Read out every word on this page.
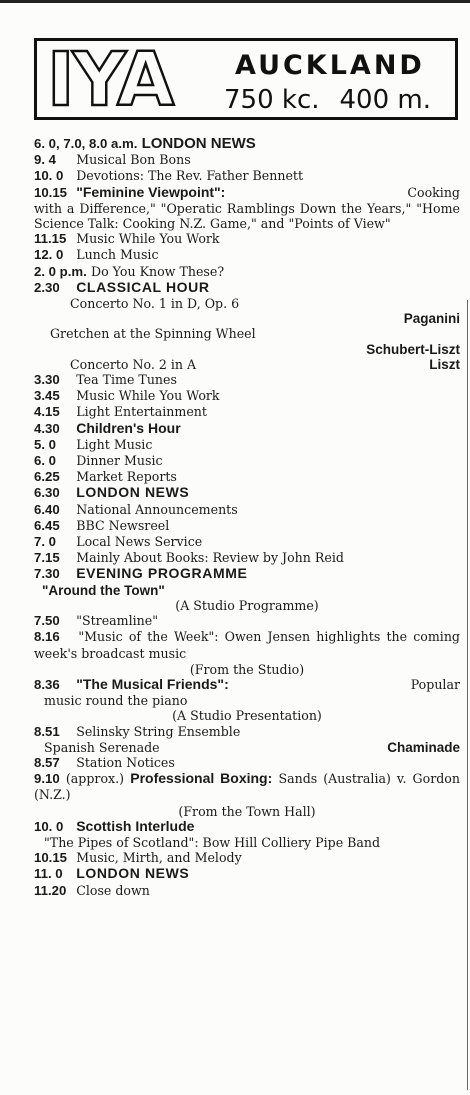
IYA AUCKLAND
750 kc. 400 m.
6. 0, 7.0, 8.0 a.m. LONDON NEWS
9. 4 Musical Bon Bons
10. 0 Devotions: The Rev. Father Bennett
10.15 "Feminine Viewpoint":	Cooking
with a Difference," "Operatic Ramblings Down the Years," "Home Science Talk: Cooking N.Z. Game," and "Points of View"
11.15 Music While You Work
12. 0 Lunch Music
2. 0 p.m. Do You Know These?
2.30 CLASSICAL HOUR
Concerto No. 1 in D, Op. 6
Paganini
Gretchen at the Spinning Wheel
Schubert-Liszt
Concerto No. 2 in A	Liszt
3.30 Tea Time Tunes
3.45 Music While You Work
4.15 Light Entertainment
4.30 Children's Hour
5. 0 Light Music
6. 0 Dinner Music
6.25 Market Reports
6.30 LONDON NEWS
6.40 National Announcements
6.45 BBC Newsreel
7. 0 Local News Service
7.15 Mainly About Books: Review by John Reid
7.30 EVENING PROGRAMME
"Around the Town"
(A Studio Programme)
7.50 "Streamline"
8.16 "Music of the Week": Owen Jensen highlights the coming week's broadcast music
(From the Studio)
8.36 "The Musical Friends":	Popular
music round the piano
(A Studio Presentation)
8.51 Selinsky String Ensemble
Spanish Serenade	Chaminade
8.57 Station Notices
9.10 (approx.) Professional Boxing: Sands (Australia) v. Gordon (N.Z.)
(From the Town Hall)
10. 0 Scottish Interlude
"The Pipes of Scotland": Bow Hill Colliery Pipe Band
10.15 Music, Mirth, and Melody
11. 0 LONDON NEWS
11.20 Close down
